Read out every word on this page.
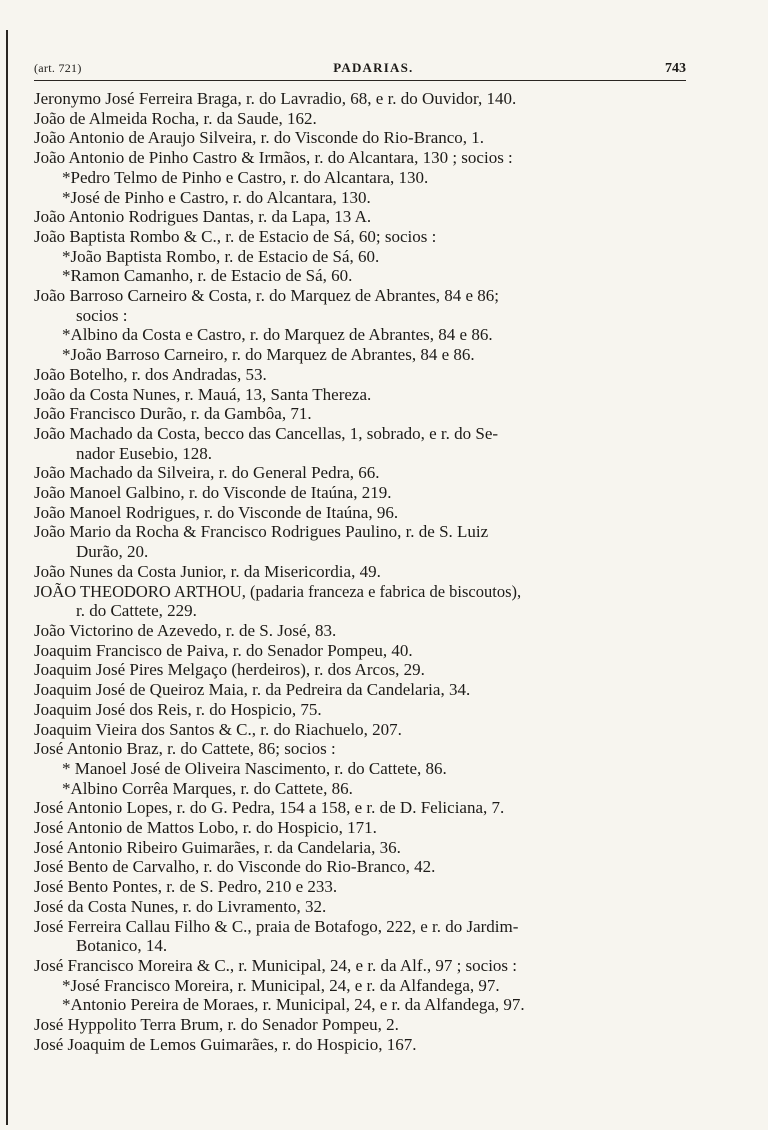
(art. 721)	PADARIAS.	743
Jeronymo José Ferreira Braga, r. do Lavradio, 68, e r. do Ouvidor, 140.
João de Almeida Rocha, r. da Saude, 162.
João Antonio de Araujo Silveira, r. do Visconde do Rio-Branco, 1.
João Antonio de Pinho Castro & Irmãos, r. do Alcantara, 130 ; socios :
*Pedro Telmo de Pinho e Castro, r. do Alcantara, 130.
*José de Pinho e Castro, r. do Alcantara, 130.
João Antonio Rodrigues Dantas, r. da Lapa, 13 A.
João Baptista Rombo & C., r. de Estacio de Sá, 60; socios :
*João Baptista Rombo, r. de Estacio de Sá, 60.
*Ramon Camanho, r. de Estacio de Sá, 60.
João Barroso Carneiro & Costa, r. do Marquez de Abrantes, 84 e 86;
socios :
*Albino da Costa e Castro, r. do Marquez de Abrantes, 84 e 86.
*João Barroso Carneiro, r. do Marquez de Abrantes, 84 e 86.
João Botelho, r. dos Andradas, 53.
João da Costa Nunes, r. Mauá, 13, Santa Thereza.
João Francisco Durão, r. da Gambôa, 71.
João Machado da Costa, becco das Cancellas, 1, sobrado, e r. do Se-
nador Eusebio, 128.
João Machado da Silveira, r. do General Pedra, 66.
João Manoel Galbino, r. do Visconde de Itaúna, 219.
João Manoel Rodrigues, r. do Visconde de Itaúna, 96.
João Mario da Rocha & Francisco Rodrigues Paulino, r. de S. Luiz
Durão, 20.
João Nunes da Costa Junior, r. da Misericordia, 49.
JOÃO THEODORO ARTHOU, (padaria franceza e fabrica de biscoutos),
r. do Cattete, 229.
João Victorino de Azevedo, r. de S. José, 83.
Joaquim Francisco de Paiva, r. do Senador Pompeu, 40.
Joaquim José Pires Melgaço (herdeiros), r. dos Arcos, 29.
Joaquim José de Queiroz Maia, r. da Pedreira da Candelaria, 34.
Joaquim José dos Reis, r. do Hospicio, 75.
Joaquim Vieira dos Santos & C., r. do Riachuelo, 207.
José Antonio Braz, r. do Cattete, 86; socios :
* Manoel José de Oliveira Nascimento, r. do Cattete, 86.
*Albino Corrêa Marques, r. do Cattete, 86.
José Antonio Lopes, r. do G. Pedra, 154 a 158, e r. de D. Feliciana, 7.
José Antonio de Mattos Lobo, r. do Hospicio, 171.
José Antonio Ribeiro Guimarães, r. da Candelaria, 36.
José Bento de Carvalho, r. do Visconde do Rio-Branco, 42.
José Bento Pontes, r. de S. Pedro, 210 e 233.
José da Costa Nunes, r. do Livramento, 32.
José Ferreira Callau Filho & C., praia de Botafogo, 222, e r. do Jardim-
Botanico, 14.
José Francisco Moreira & C., r. Municipal, 24, e r. da Alf., 97 ; socios :
*José Francisco Moreira, r. Municipal, 24, e r. da Alfandega, 97.
*Antonio Pereira de Moraes, r. Municipal, 24, e r. da Alfandega, 97.
José Hyppolito Terra Brum, r. do Senador Pompeu, 2.
José Joaquim de Lemos Guimarães, r. do Hospicio, 167.
